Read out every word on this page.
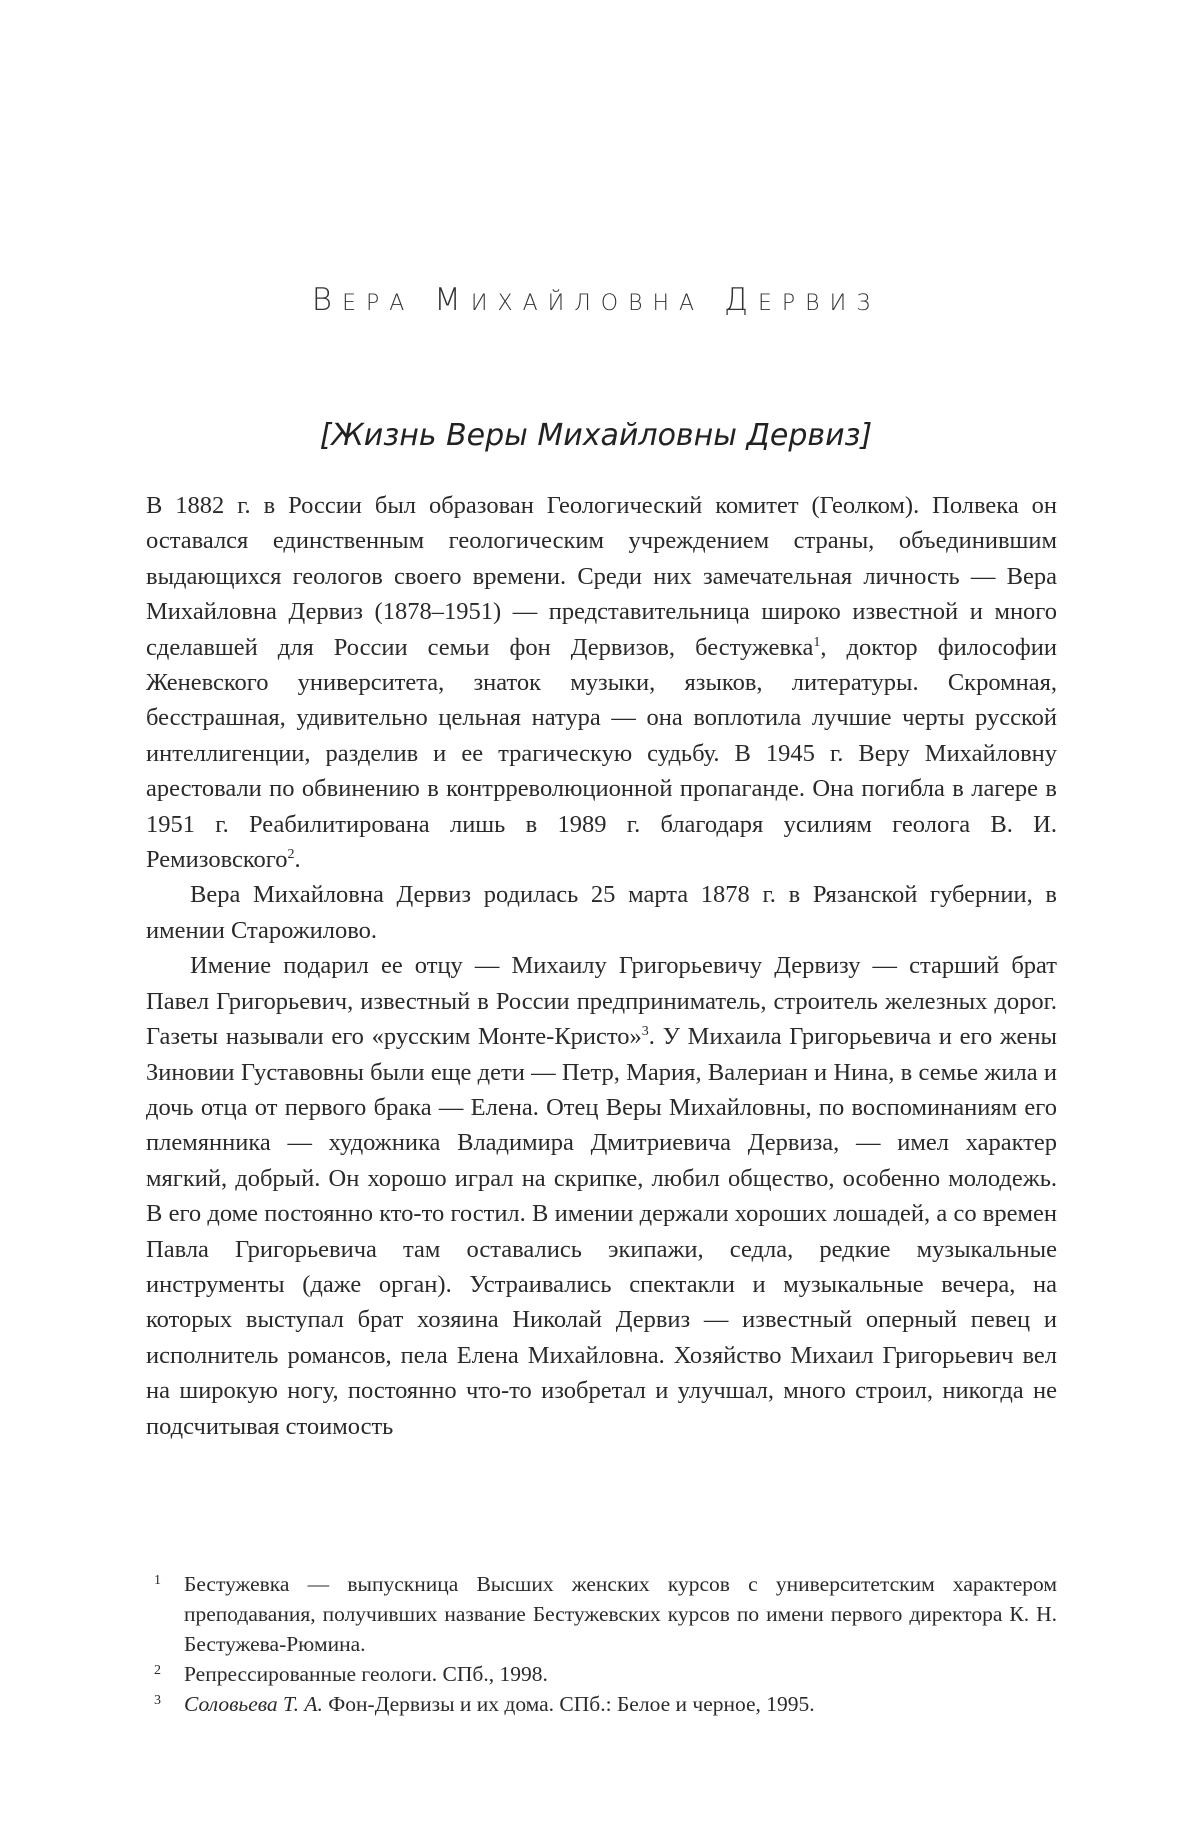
Вера Михайловна Дервиз
[Жизнь Веры Михайловны Дервиз]

В 1882 г. в России был образован Геологический комитет (Геолком). Полвека он оставался единственным геологическим учреждением страны, объединившим выдающихся геологов своего времени. Среди них замечательная личность — Вера Михайловна Дервиз (1878–1951) — представительница широко известной и много сделавшей для России семьи фон Дервизов, бестужевка$^1$, доктор философии Женевского университета, знаток музыки, языков, литературы. Скромная, бесстрашная, удивительно цельная натура — она воплотила лучшие черты русской интеллигенции, разделив и ее трагическую судьбу. В 1945 г. Веру Михайловну арестовали по обвинению в контрреволюционной пропаганде. Она погибла в лагере в 1951 г. Реабилитирована лишь в 1989 г. благодаря усилиям геолога В. И. Ремизовского$^2$.

Вера Михайловна Дервиз родилась 25 марта 1878 г. в Рязанской губернии, в имении Старожилово.

Имение подарил ее отцу — Михаилу Григорьевичу Дервизу — старший брат Павел Григорьевич, известный в России предприниматель, строитель железных дорог. Газеты называли его «русским Монте-Кристо»$^3$. У Михаила Григорьевича и его жены Зиновии Густавовны были еще дети — Петр, Мария, Валериан и Нина, в семье жила и дочь отца от первого брака — Елена. Отец Веры Михайловны, по воспоминаниям его племянника — художника Владимира Дмитриевича Дервиза, — имел характер мягкий, добрый. Он хорошо играл на скрипке, любил общество, особенно молодежь. В его доме постоянно кто-то гостил. В имении держали хороших лошадей, а со времен Павла Григорьевича там оставались экипажи, седла, редкие музыкальные инструменты (даже орган). Устраивались спектакли и музыкальные вечера, на которых выступал брат хозяина Николай Дервиз — известный оперный певец и исполнитель романсов, пела Елена Михайловна. Хозяйство Михаил Григорьевич вел на широкую ногу, постоянно что-то изобретал и улучшал, много строил, никогда не подсчитывая стоимость

1	Бестужевка — выпускница Высших женских курсов с университетским характером преподавания, получивших название Бестужевских курсов по имени первого директора К. Н. Бестужева-Рюмина.
2	Репрессированные геологи. СПб., 1998.
3	Соловьева Т. А. Фон-Дервизы и их дома. СПб.: Белое и черное, 1995.
